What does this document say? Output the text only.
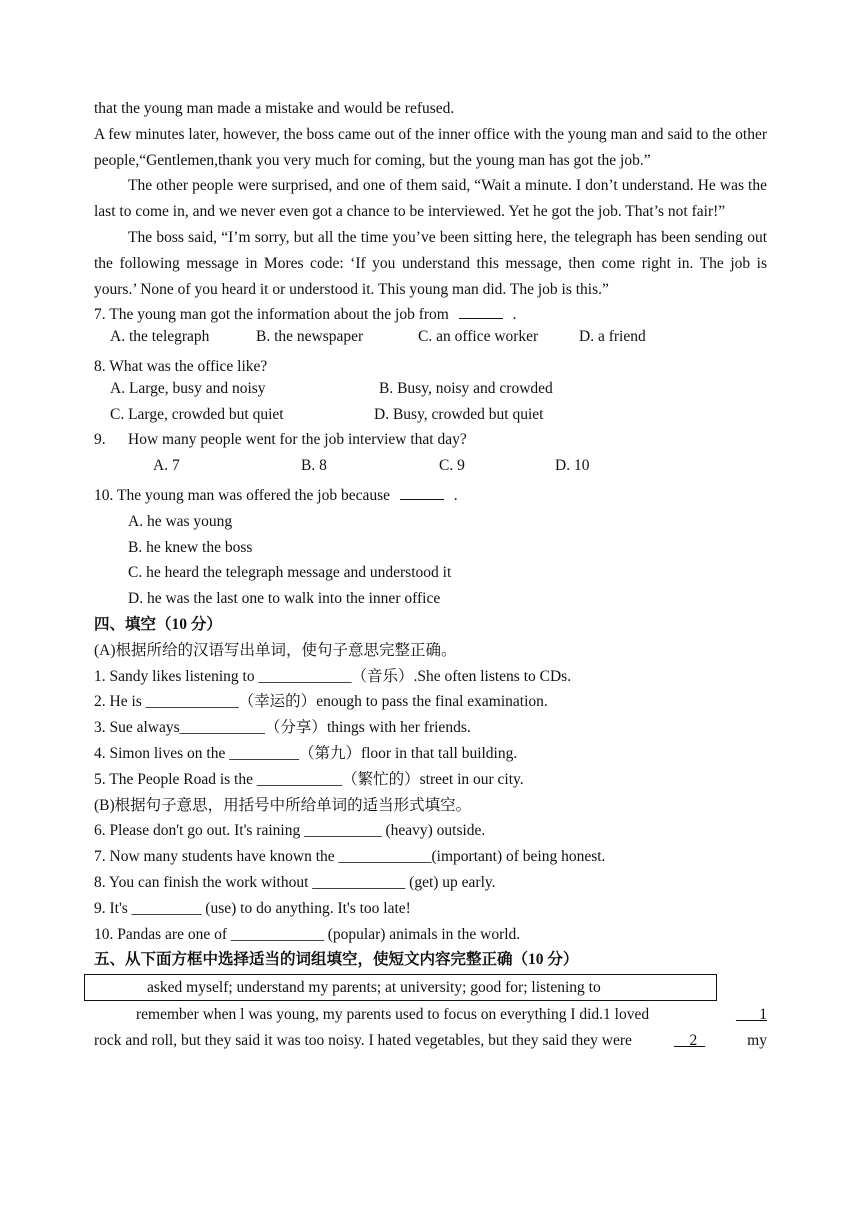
that the young man made a mistake and would be refused.

A few minutes later, however, the boss came out of the inner office with the young man and said to the other people,“Gentlemen,thank you very much for coming, but the young man has got the job.”

The other people were surprised, and one of them said, “Wait a minute. I don’t understand. He was the last to come in, and we never even got a chance to be interviewed. Yet he got the job. That’s not fair!”

The boss said, “I’m sorry, but all the time you’ve been sitting here, the telegraph has been sending out the following message in Mores code: ‘If you understand this message, then come right in. The job is yours.’ None of you heard it or understood it. This young man did. The job is this.”

7. The young man got the information about the job from	.
A. the telegraph	B. the newspaper	C. an office worker	D. a friend
8. What was the office like?
A. Large, busy and noisy	B. Busy, noisy and crowded
C. Large, crowded but quiet	D. Busy, crowded but quiet
9. How many people went for the job interview that day?
A. 7	B. 8	C. 9	D. 10
10. The young man was offered the job because	.
A. he was young
B. he knew the boss
C. he heard the telegraph message and understood it
D. he was the last one to walk into the inner office
四、填空（10 分）
(A)根据所给的汉语写出单词，使句子意思完整正确。
1. Sandy likes listening to ____________（音乐）.She often listens to CDs.
2. He is ____________（幸运的）enough to pass the final examination.
3. Sue always___________（分享）things with her friends.
4. Simon lives on the _________（第九）floor in that tall building.
5. The People Road is the ___________（繁忙的）street in our city.
(B)根据句子意思，用括号中所给单词的适当形式填空。
6. Please don't go out. It's raining __________ (heavy) outside.
7. Now many students have known the ____________(important) of being honest.
8. You can finish the work without ____________ (get) up early.
9. It's _________ (use) to do anything. It's too late!
10. Pandas are one of ____________ (popular) animals in the world.
五、从下面方框中选择适当的词组填空，使短文内容完整正确（10 分）
asked myself; understand my parents; at university; good for; listening to
remember when l was young, my parents used to focus on everything I did.1 loved	___1
rock and roll, but they said it was too noisy. I hated vegetables, but they said they were	__2_	my
